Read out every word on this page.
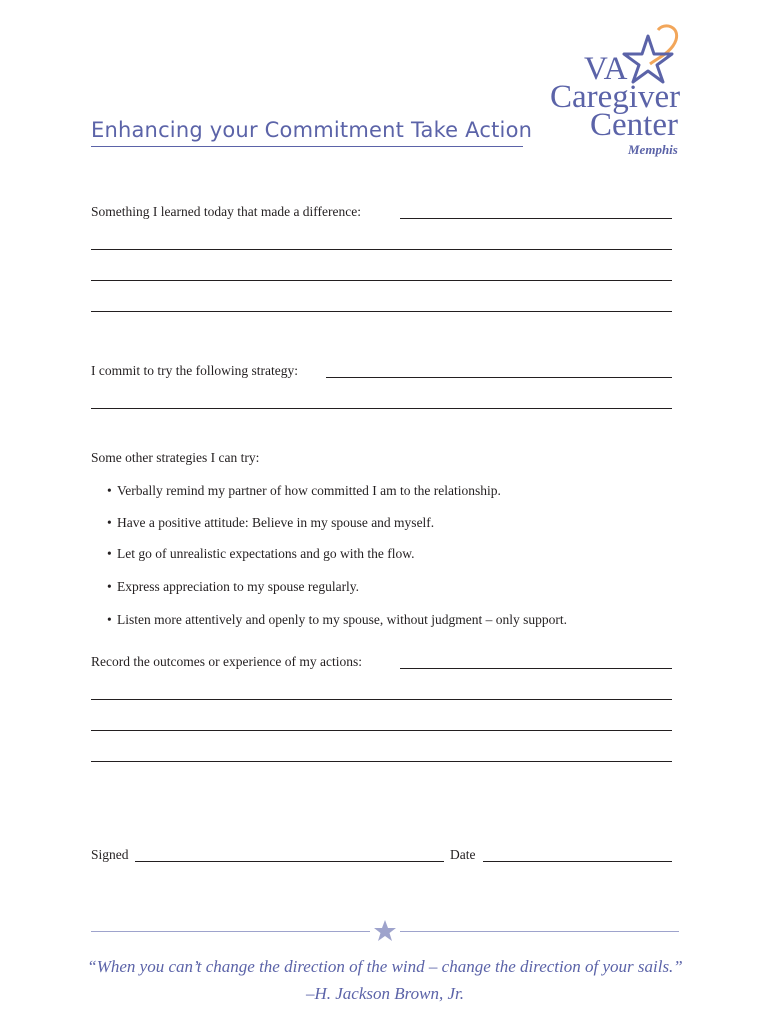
Enhancing your Commitment Take Action
VA
Caregiver
Center
Memphis
Something I learned today that made a difference:
I commit to try the following strategy:
Some other strategies I can try:
• Verbally remind my partner of how committed I am to the relationship.
• Have a positive attitude: Believe in my spouse and myself.
• Let go of unrealistic expectations and go with the flow.
• Express appreciation to my spouse regularly.
• Listen more attentively and openly to my spouse, without judgment – only support.
Record the outcomes or experience of my actions:
Signed	Date
“When you can’t change the direction of the wind – change the direction of your sails.”
–H. Jackson Brown, Jr.
